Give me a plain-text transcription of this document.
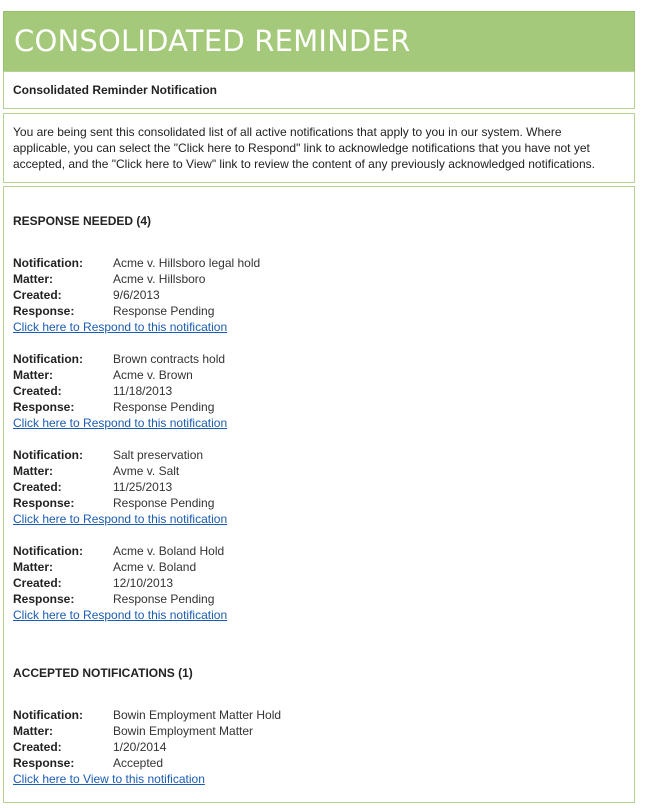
CONSOLIDATED REMINDER

Consolidated Reminder Notification

You are being sent this consolidated list of all active notifications that apply to you in our system. Where applicable, you can select the "Click here to Respond" link to acknowledge notifications that you have not yet accepted, and the "Click here to View" link to review the content of any previously acknowledged notifications.

RESPONSE NEEDED (4)

Notification:	Acme v. Hillsboro legal hold
Matter:	Acme v. Hillsboro
Created:	9/6/2013
Response:	Response Pending
Click here to Respond to this notification
Notification:	Brown contracts hold
Matter:	Acme v. Brown
Created:	11/18/2013
Response:	Response Pending
Click here to Respond to this notification
Notification:	Salt preservation
Matter:	Avme v. Salt
Created:	11/25/2013
Response:	Response Pending
Click here to Respond to this notification
Notification:	Acme v. Boland Hold
Matter:	Acme v. Boland
Created:	12/10/2013
Response:	Response Pending
Click here to Respond to this notification

ACCEPTED NOTIFICATIONS (1)

Notification:	Bowin Employment Matter Hold
Matter:	Bowin Employment Matter
Created:	1/20/2014
Response:	Accepted
Click here to View to this notification
